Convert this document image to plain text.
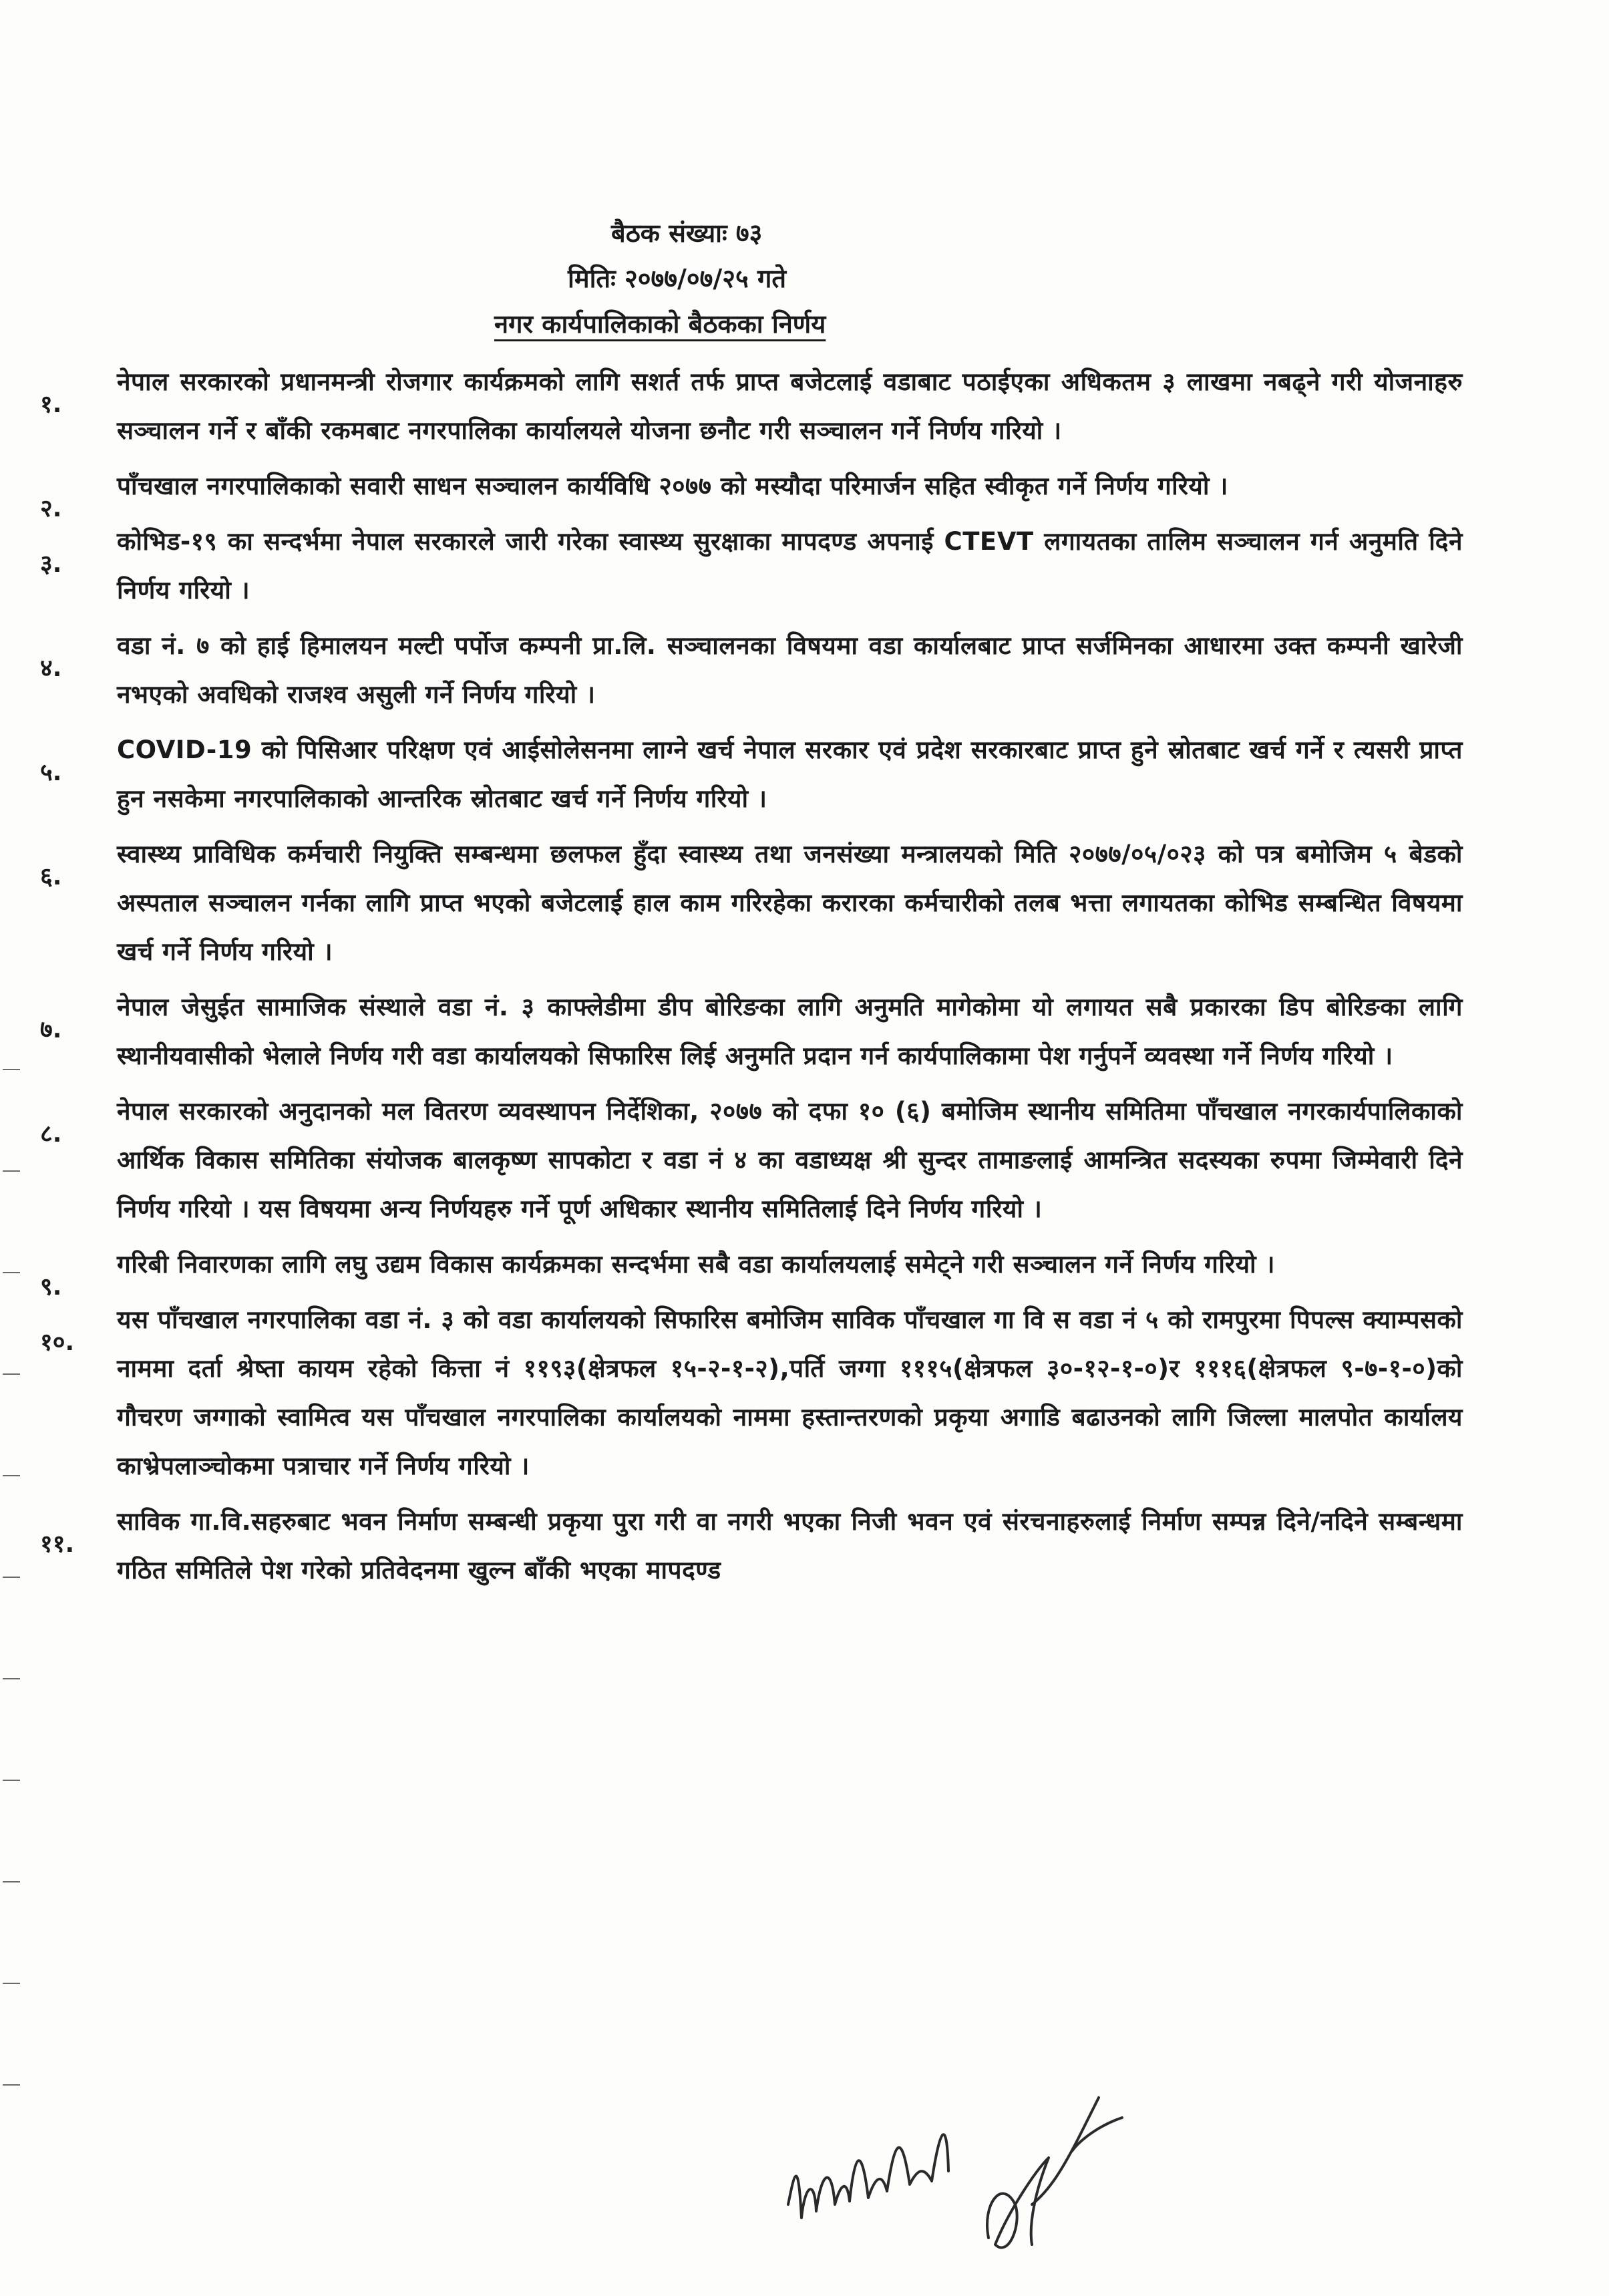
बैठक संख्याः ७३
मितिः २०७७/०७/२५ गते
नगर कार्यपालिकाको बैठकका निर्णय
१.
नेपाल सरकारको प्रधानमन्त्री रोजगार कार्यक्रमको लागि सशर्त तर्फ प्राप्त बजेटलाई वडाबाट पठाईएका अधिकतम ३ लाखमा नबढ्ने गरी योजनाहरु सञ्चालन गर्ने र बाँकी रकमबाट नगरपालिका कार्यालयले योजना छनौट गरी सञ्चालन गर्ने निर्णय गरियो ।
२.
पाँचखाल नगरपालिकाको सवारी साधन सञ्चालन कार्यविधि २०७७ को मस्यौदा परिमार्जन सहित स्वीकृत गर्ने निर्णय गरियो ।
३.
कोभिड-१९ का सन्दर्भमा नेपाल सरकारले जारी गरेका स्वास्थ्य सुरक्षाका मापदण्ड अपनाई CTEVT लगायतका तालिम सञ्चालन गर्न अनुमति दिने निर्णय गरियो ।
४.
वडा नं. ७ को हाई हिमालयन मल्टी पर्पोज कम्पनी प्रा.लि. सञ्चालनका विषयमा वडा कार्यालबाट प्राप्त सर्जमिनका आधारमा उक्त कम्पनी खारेजी नभएको अवधिको राजश्व असुली गर्ने निर्णय गरियो ।
५.
COVID-19 को पिसिआर परिक्षण एवं आईसोलेसनमा लाग्ने खर्च नेपाल सरकार एवं प्रदेश सरकारबाट प्राप्त हुने स्रोतबाट खर्च गर्ने र त्यसरी प्राप्त हुन नसकेमा नगरपालिकाको आन्तरिक स्रोतबाट खर्च गर्ने निर्णय गरियो ।
६.
स्वास्थ्य प्राविधिक कर्मचारी नियुक्ति सम्बन्धमा छलफल हुँदा स्वास्थ्य तथा जनसंख्या मन्त्रालयको मिति २०७७/०५/०२३ को पत्र बमोजिम ५ बेडको अस्पताल सञ्चालन गर्नका लागि प्राप्त भएको बजेटलाई हाल काम गरिरहेका करारका कर्मचारीको तलब भत्ता लगायतका कोभिड सम्बन्धित विषयमा खर्च गर्ने निर्णय गरियो ।
७.
नेपाल जेसुईत सामाजिक संस्थाले वडा नं. ३ काफ्लेडीमा डीप बोरिङका लागि अनुमति मागेकोमा यो लगायत सबै प्रकारका डिप बोरिङका लागि स्थानीयवासीको भेलाले निर्णय गरी वडा कार्यालयको सिफारिस लिई अनुमति प्रदान गर्न कार्यपालिकामा पेश गर्नुपर्ने व्यवस्था गर्ने निर्णय गरियो ।
८.
नेपाल सरकारको अनुदानको मल वितरण व्यवस्थापन निर्देशिका, २०७७ को दफा १० (६) बमोजिम स्थानीय समितिमा पाँचखाल नगरकार्यपालिकाको आर्थिक विकास समितिका संयोजक बालकृष्ण सापकोटा र वडा नं ४ का वडाध्यक्ष श्री सुन्दर तामाङलाई आमन्त्रित सदस्यका रुपमा जिम्मेवारी दिने निर्णय गरियो । यस विषयमा अन्य निर्णयहरु गर्ने पूर्ण अधिकार स्थानीय समितिलाई दिने निर्णय गरियो ।
९.
गरिबी निवारणका लागि लघु उद्यम विकास कार्यक्रमका सन्दर्भमा सबै वडा कार्यालयलाई समेट्ने गरी सञ्चालन गर्ने निर्णय गरियो ।
१०.
यस पाँचखाल नगरपालिका वडा नं. ३ को वडा कार्यालयको सिफारिस बमोजिम साविक पाँचखाल गा वि स वडा नं ५ को रामपुरमा पिपल्स क्याम्पसको नाममा दर्ता श्रेष्ता कायम रहेको कित्ता नं ११९३(क्षेत्रफल १५-२-१-२),पर्ति जग्गा १११५(क्षेत्रफल ३०-१२-१-०)र १११६(क्षेत्रफल ९-७-१-०)को गौचरण जग्गाको स्वामित्व यस पाँचखाल नगरपालिका कार्यालयको नाममा हस्तान्तरणको प्रकृया अगाडि बढाउनको लागि जिल्ला मालपोत कार्यालय काभ्रेपलाञ्चोकमा पत्राचार गर्ने निर्णय गरियो ।
११.
साविक गा.वि.सहरुबाट भवन निर्माण सम्बन्धी प्रकृया पुरा गरी वा नगरी भएका निजी भवन एवं संरचनाहरुलाई निर्माण सम्पन्न दिने/नदिने सम्बन्धमा गठित समितिले पेश गरेको प्रतिवेदनमा खुल्न बाँकी भएका मापदण्ड
